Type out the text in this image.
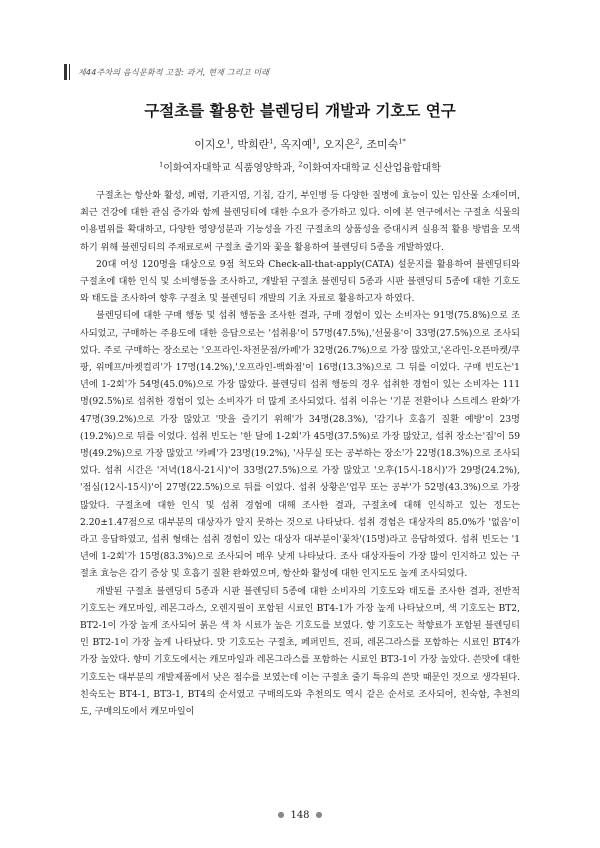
제44주차의 음식문화적 고찰: 과거, 현재 그리고 미래
구절초를 활용한 블렌딩티 개발과 기호도 연구
이지오$^1$, 박희란$^1$, 옥지예$^1$, 오지은$^2$, 조미숙$^{1*}$
$^1$이화여자대학교 식품영양학과, $^2$이화여자대학교 신산업융합대학

구절초는 항산화 활성, 폐렴, 기관지염, 기침, 감기, 부인병 등 다양한 질병에 효능이 있는 임산물 소재이며, 최근 건강에 대한 관심 증가와 함께 블렌딩티에 대한 수요가 증가하고 있다. 이에 본 연구에서는 구절초 식물의 이용범위를 확대하고, 다양한 영양성분과 기능성을 가진 구절초의 상품성을 증대시켜 실용적 활용 방법을 모색하기 위해 블렌딩티의 주재료로써 구절초 줄기와 꽃을 활용하여 블렌딩티 5종을 개발하였다.

20대 여성 120명을 대상으로 9점 척도와 Check-all-that-apply(CATA) 설문지를 활용하여 블렌딩티와 구절초에 대한 인식 및 소비행동을 조사하고, 개발된 구절초 블렌딩티 5종과 시판 블렌딩티 5종에 대한 기호도와 태도를 조사하여 향후 구절초 및 블렌딩티 개발의 기초 자료로 활용하고자 하였다.

블렌딩티에 대한 구매 행동 및 섭취 행동을 조사한 결과, 구매 경험이 있는 소비자는 91명(75.8%)으로 조사되었고, 구매하는 주용도에 대한 응답으로는 '섭취용'이 57명(47.5%),'선물용'이 33명(27.5%)으로 조사되었다. 주로 구매하는 장소로는 '오프라인-차전문점/카페'가 32명(26.7%)으로 가장 많았고,'온라인-오픈마켓/쿠팡, 위메프/마켓컬리'가 17명(14.2%),'오프라인-백화점'이 16명(13.3%)으로 그 뒤를 이었다. 구매 빈도는'1년에 1-2회'가 54명(45.0%)으로 가장 많았다. 블렌딩티 섭취 행동의 경우 섭취한 경험이 있는 소비자는 111명(92.5%)로 섭취한 경험이 있는 소비자가 더 많게 조사되었다. 섭취 이유는 '기분 전환이나 스트레스 완화'가 47명(39.2%)으로 가장 많았고 '맛을 즐기기 위해'가 34명(28.3%), '감기나 호흡기 질환 예방'이 23명(19.2%)으로 뒤를 이었다. 섭취 빈도는 '한 달에 1-2회'가 45명(37.5%)로 가장 많았고, 섭취 장소는'집'이 59명(49.2%)으로 가장 많았고 '카페'가 23명(19.2%), '사무실 또는 공부하는 장소'가 22명(18.3%)으로 조사되었다. 섭취 시간은 '저녁(18시-21시)'이 33명(27.5%)으로 가장 많았고 '오후(15시-18시)'가 29명(24.2%), '점심(12시-15시)'이 27명(22.5%)으로 뒤를 이었다. 섭취 상황은'업무 또는 공부'가 52명(43.3%)으로 가장 많았다. 구절초에 대한 인식 및 섭취 경험에 대해 조사한 결과, 구절초에 대해 인식하고 있는 정도는 2.20±1.47점으로 대부분의 대상자가 알지 못하는 것으로 나타났다. 섭취 경험은 대상자의 85.0%가 '없음'이라고 응답하였고, 섭취 형태는 섭취 경험이 있는 대상자 대부분이'꽃차'(15명)라고 응답하였다. 섭취 빈도는 '1년에 1-2회'가 15명(83.3%)으로 조사되어 매우 낮게 나타났다. 조사 대상자들이 가장 많이 인지하고 있는 구절초 효능은 감기 증상 및 호흡기 질환 완화였으며, 항산화 활성에 대한 인지도도 높게 조사되었다.

개발된 구절초 블렌딩티 5종과 시판 블렌딩티 5종에 대한 소비자의 기호도와 태도를 조사한 결과, 전반적 기호도는 캐모마일, 레몬그라스, 오렌지필이 포함된 시료인 BT4-1가 가장 높게 나타났으며, 색 기호도는 BT2, BT2-1이 가장 높게 조사되어 붉은 색 차 시료가 높은 기호도를 보였다. 향 기호도는 착향료가 포함된 블렌딩티인 BT2-1이 가장 높게 나타났다. 맛 기호도는 구절초, 페퍼민트, 진피, 레몬그라스를 포함하는 시료인 BT4가 가장 높았다. 향미 기호도에서는 캐모마일과 레몬그라스를 포함하는 시료인 BT3-1이 가장 높았다. 쓴맛에 대한 기호도는 대부분의 개발제품에서 낮은 점수를 보였는데 이는 구절초 줄기 특유의 쓴맛 때문인 것으로 생각된다. 친숙도는 BT4-1, BT3-1, BT4의 순서였고 구매의도와 추천의도 역시 같은 순서로 조사되어, 친숙함, 추천의도, 구매의도에서 캐모마일이

● 148 ●
